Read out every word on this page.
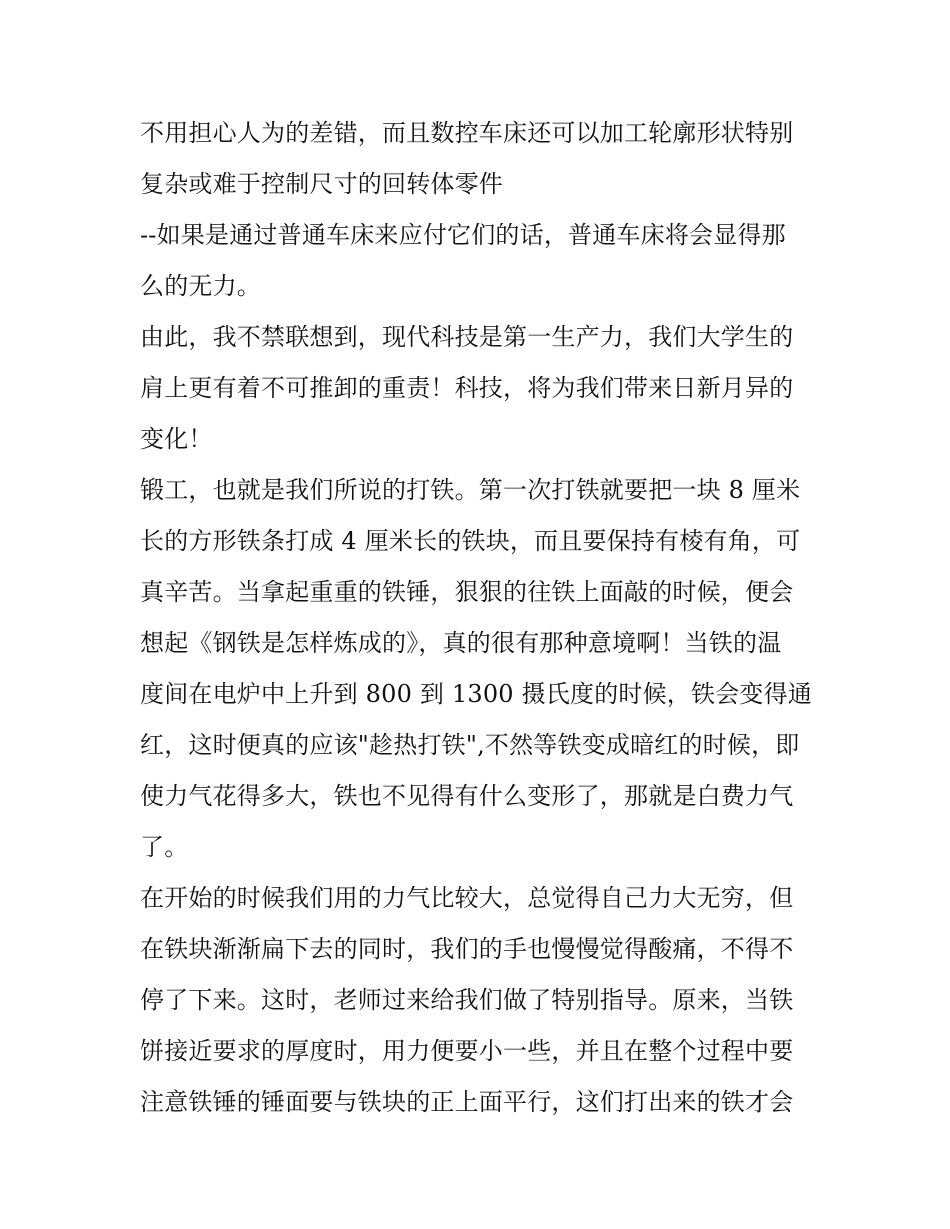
不用担心人为的差错，而且数控车床还可以加工轮廓形状特别
复杂或难于控制尺寸的回转体零件
--如果是通过普通车床来应付它们的话，普通车床将会显得那
么的无力。

由此，我不禁联想到，现代科技是第一生产力，我们大学生的
肩上更有着不可推卸的重责！科技，将为我们带来日新月异的
变化！

锻工，也就是我们所说的打铁。第一次打铁就要把一块 8 厘米
长的方形铁条打成 4 厘米长的铁块，而且要保持有棱有角，可
真辛苦。当拿起重重的铁锤，狠狠的往铁上面敲的时候，便会
想起《钢铁是怎样炼成的》，真的很有那种意境啊！当铁的温
度间在电炉中上升到 800 到 1300 摄氏度的时候，铁会变得通
红，这时便真的应该"趁热打铁",不然等铁变成暗红的时候，即
使力气花得多大，铁也不见得有什么变形了，那就是白费力气
了。

在开始的时候我们用的力气比较大，总觉得自己力大无穷，但
在铁块渐渐扁下去的同时，我们的手也慢慢觉得酸痛，不得不
停了下来。这时，老师过来给我们做了特别指导。原来，当铁
饼接近要求的厚度时，用力便要小一些，并且在整个过程中要
注意铁锤的锤面要与铁块的正上面平行，这们打出来的铁才会
